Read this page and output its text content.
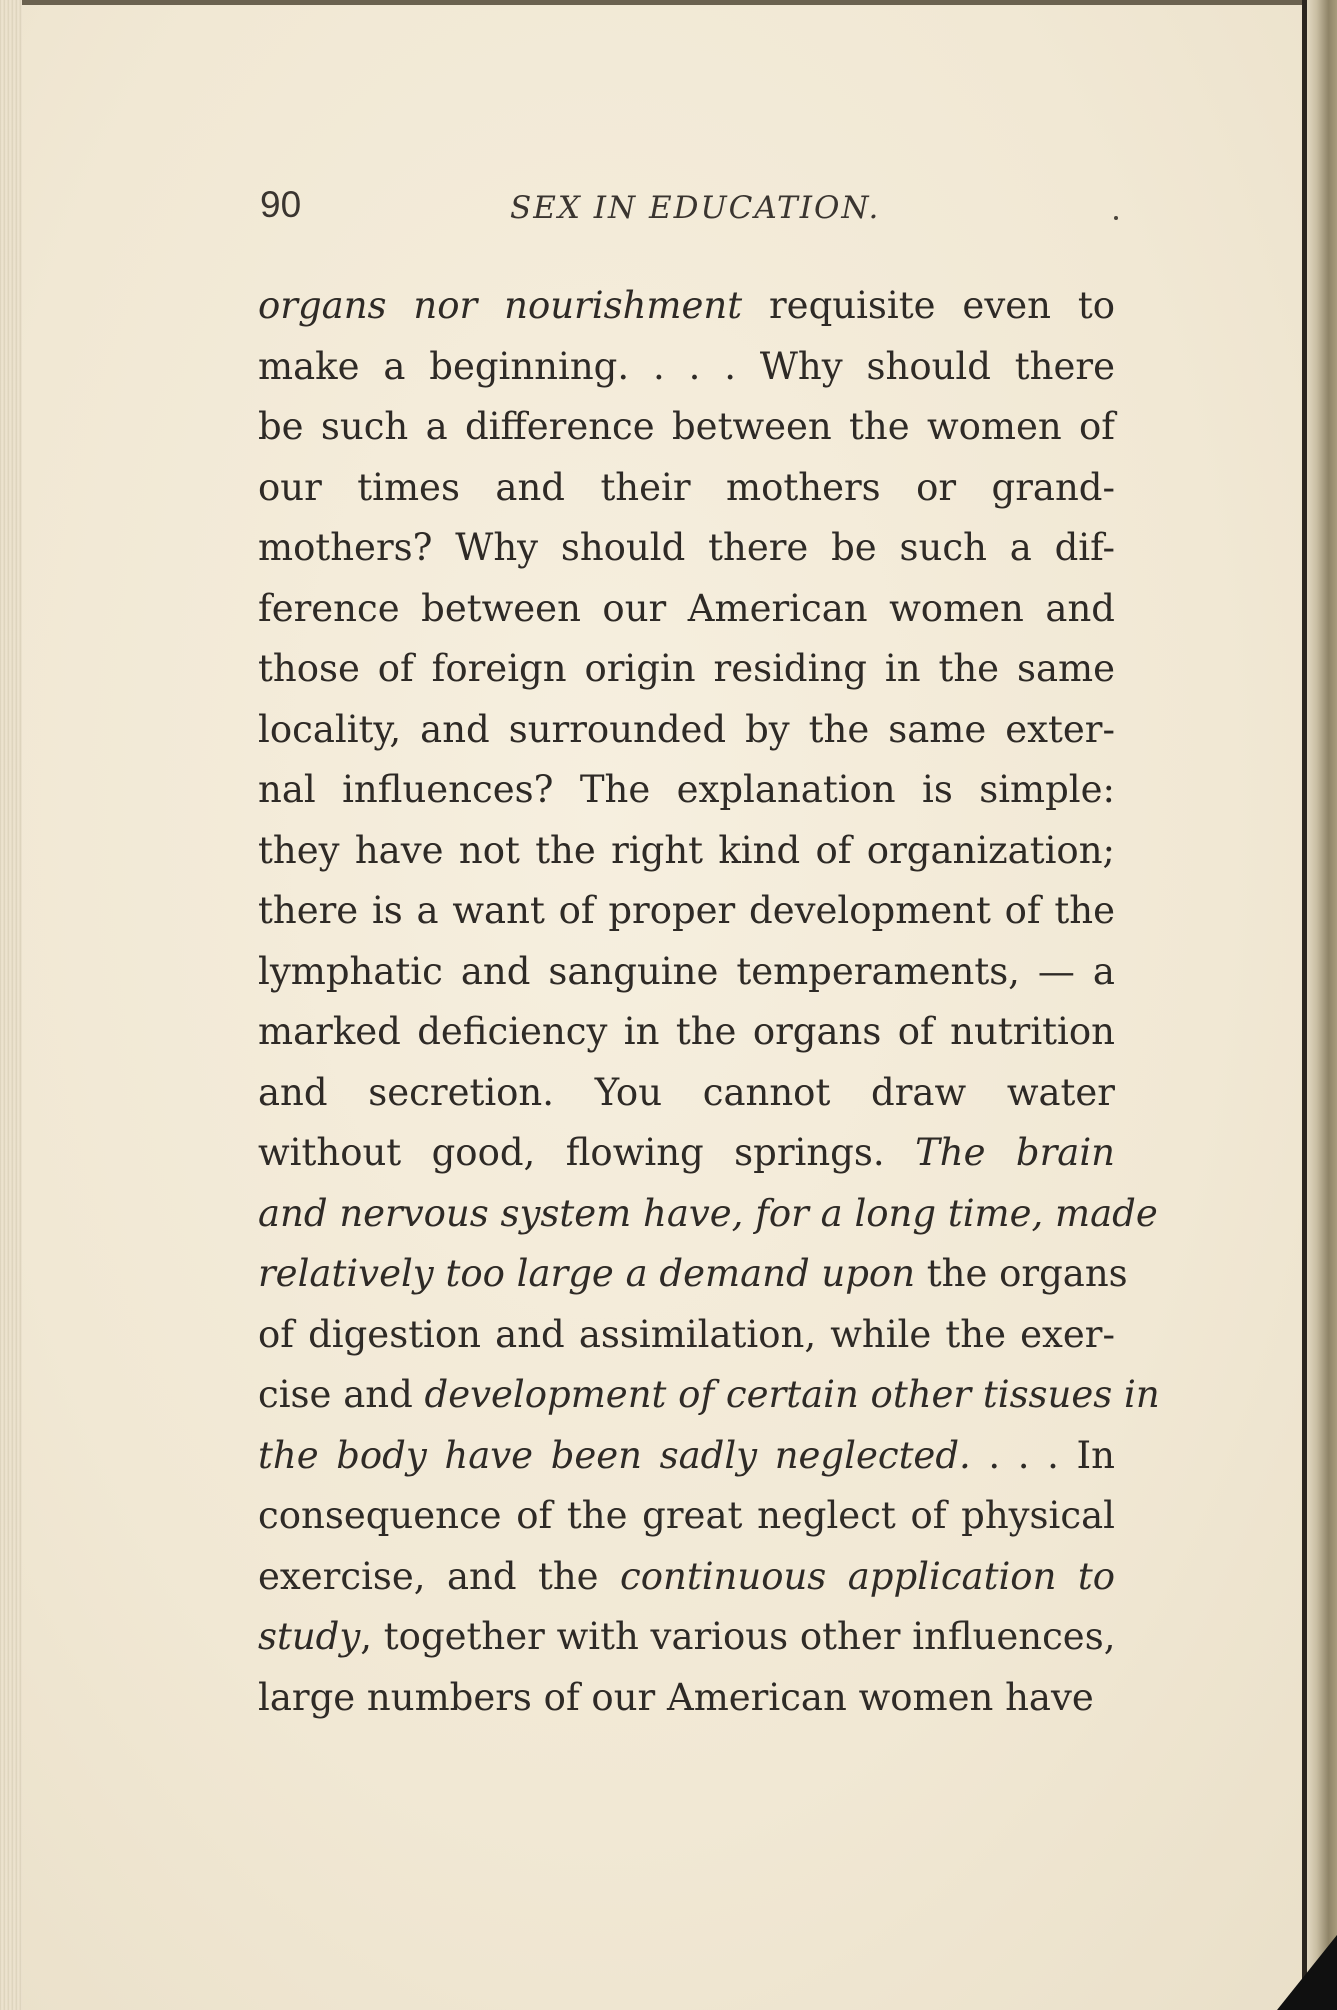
90	SEX IN EDUCATION.
organs nor nourishment requisite even to
make a beginning. . . . Why should there
be such a difference between the women of
our times and their mothers or grand-
mothers? Why should there be such a dif-
ference between our American women and
those of foreign origin residing in the same
locality, and surrounded by the same exter-
nal influences? The explanation is simple:
they have not the right kind of organization;
there is a want of proper development of the
lymphatic and sanguine temperaments, — a
marked deficiency in the organs of nutrition
and secretion. You cannot draw water
without good, flowing springs. The brain
and nervous system have, for a long time, made
relatively too large a demand upon the organs
of digestion and assimilation, while the exer-
cise and development of certain other tissues in
the body have been sadly neglected. . . . In
consequence of the great neglect of physical
exercise, and the continuous application to
study, together with various other influences,
large numbers of our American women have
